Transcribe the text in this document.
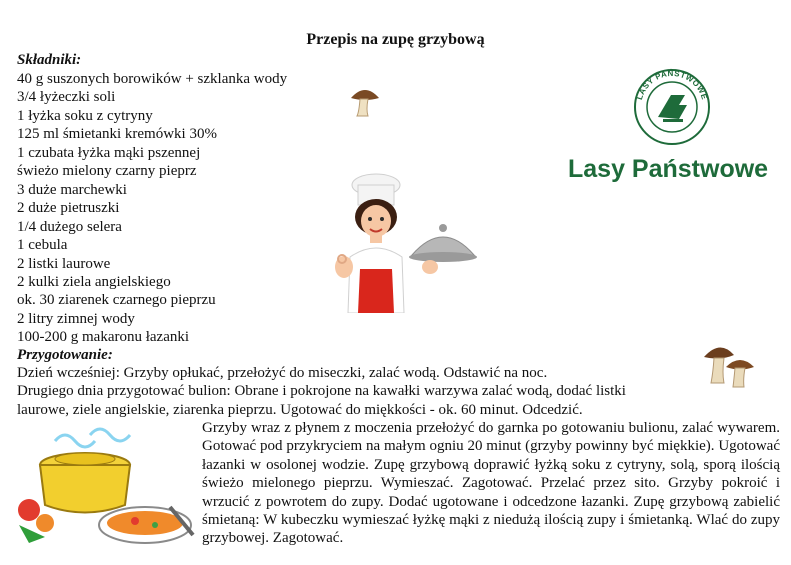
Przepis na zupę grzybową
Składniki:
40 g suszonych borowików + szklanka wody
3/4 łyżeczki soli
1 łyżka soku z cytryny
125 ml śmietanki kremówki 30%
1 czubata łyżka mąki pszennej
świeżo mielony czarny pieprz
3 duże marchewki
2 duże pietruszki
1/4 dużego selera
1 cebula
2 listki laurowe
2 kulki ziela angielskiego
ok. 30 ziarenek czarnego pieprzu
2 litry zimnej wody
100-200 g makaronu łazanki
Przygotowanie:
Dzień wcześniej: Grzyby opłukać, przełożyć do miseczki, zalać wodą. Odstawić na noc.
Drugiego dnia przygotować bulion: Obrane i pokrojone na kawałki warzywa zalać wodą, dodać listki
laurowe, ziele angielskie, ziarenka pieprzu. Ugotować do miękkości - ok. 60 minut. Odcedzić.
Grzyby wraz z płynem z moczenia przełożyć do garnka po gotowaniu bulionu, zalać wywarem. Gotować pod przykryciem na małym ogniu 20 minut (grzyby powinny być miękkie). Ugotować łazanki w osolonej wodzie. Zupę grzybową doprawić łyżką soku z cytryny, solą, sporą ilością świeżo mielonego pieprzu. Wymieszać. Zagotować. Przelać przez sito. Grzyby pokroić i wrzucić z powrotem do zupy. Dodać ugotowane i odcedzone łazanki. Zupę grzybową zabielić śmietaną: W kubeczku wymieszać łyżkę mąki z niedużą ilością zupy i śmietanką. Wlać do zupy grzybowej. Zagotować.
LASY PAŃSTWOWE
Lasy Państwowe
